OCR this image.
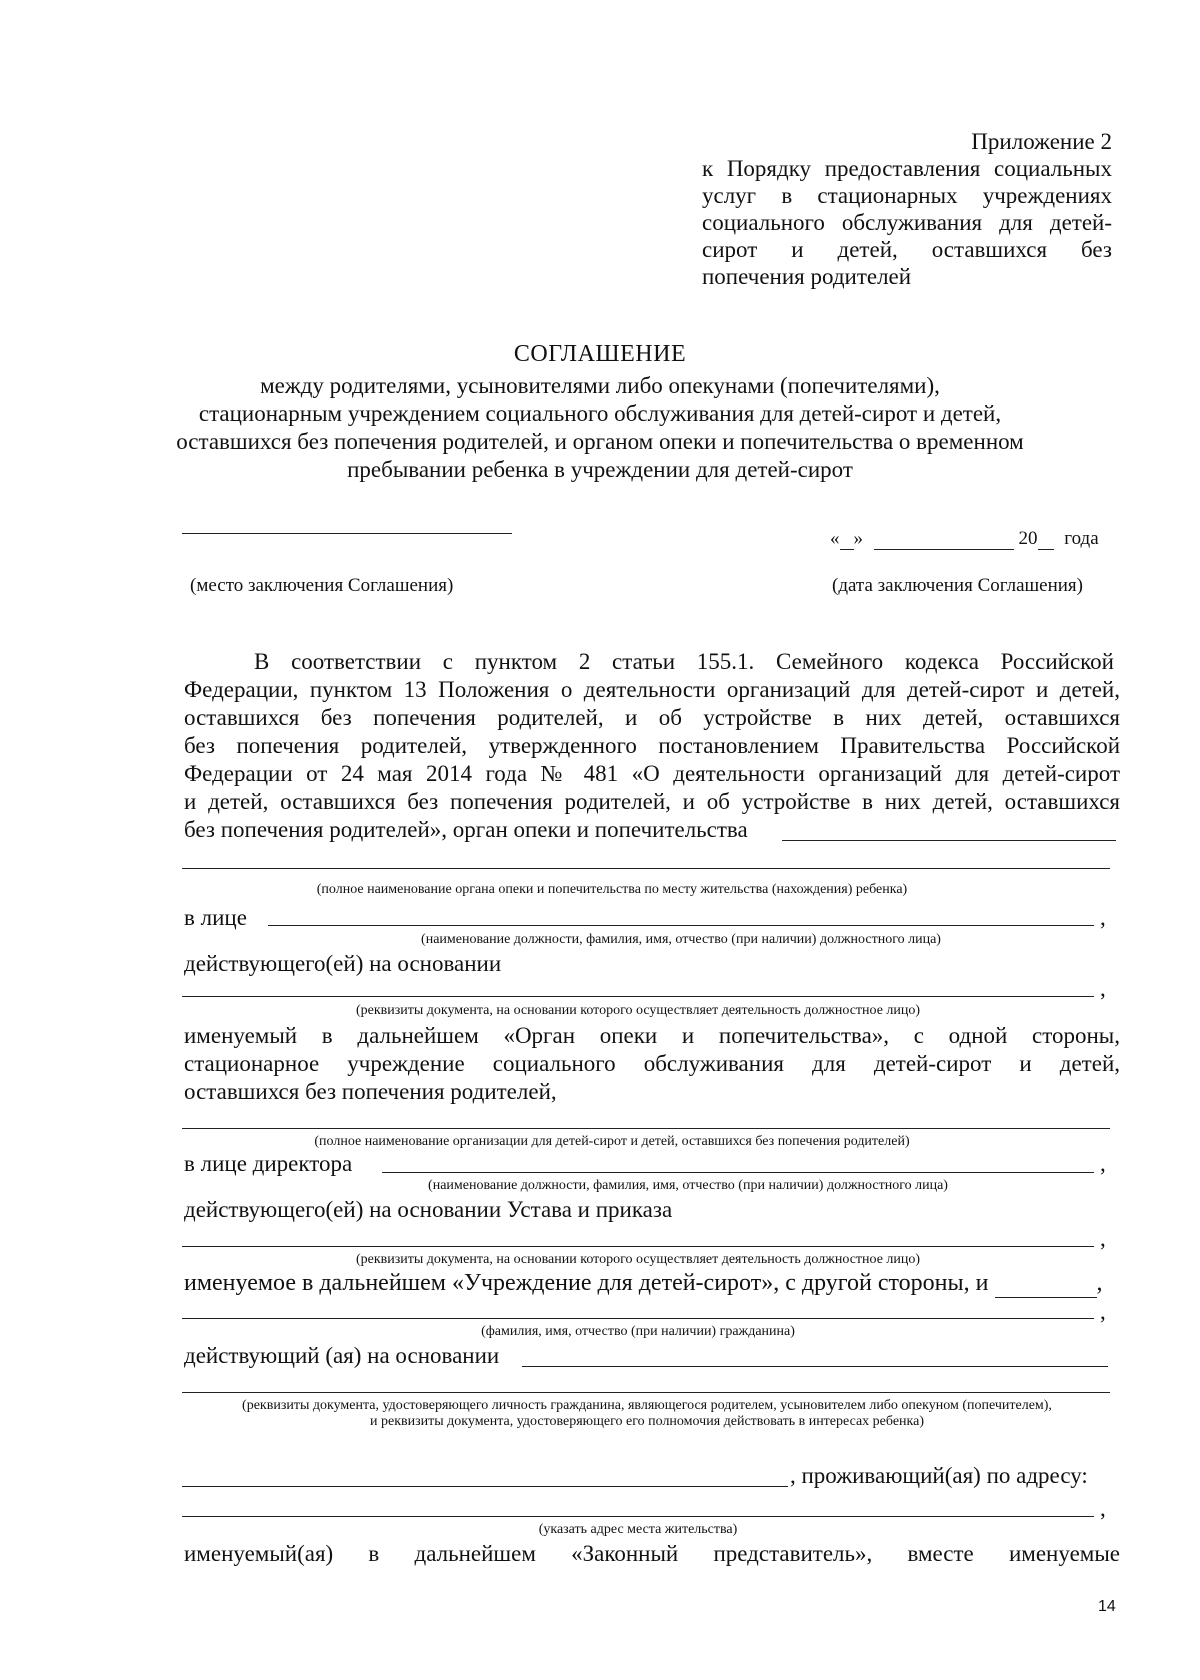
Приложение 2
к Порядку предоставления социальных
услуг в стационарных учреждениях
социального обслуживания для детей-
сирот и детей, оставшихся без
попечения родителей
СОГЛАШЕНИЕ
между родителями, усыновителями либо опекунами (попечителями),
стационарным учреждением социального обслуживания для детей-сирот и детей,
оставшихся без попечения родителей, и органом опеки и попечительства о временном
пребывании ребенка в учреждении для детей-сирот
« »	20 года
(место заключения Соглашения)	(дата заключения Соглашения)
В соответствии с пунктом 2 статьи 155.1. Семейного кодекса Российской
Федерации, пунктом 13 Положения о деятельности организаций для детей-сирот и детей,
оставшихся без попечения родителей, и об устройстве в них детей, оставшихся
без попечения родителей, утвержденного постановлением Правительства Российской
Федерации от 24 мая 2014 года № 481 «О деятельности организаций для детей-сирот
и детей, оставшихся без попечения родителей, и об устройстве в них детей, оставшихся
без попечения родителей», орган опеки и попечительства
(полное наименование органа опеки и попечительства по месту жительства (нахождения) ребенка)
в лице	,
(наименование должности, фамилия, имя, отчество (при наличии) должностного лица)
действующего(ей) на основании
,
(реквизиты документа, на основании которого осуществляет деятельность должностное лицо)
именуемый в дальнейшем «Орган опеки и попечительства», с одной стороны,
стационарное учреждение социального обслуживания для детей-сирот и детей,
оставшихся без попечения родителей,
(полное наименование организации для детей-сирот и детей, оставшихся без попечения родителей)
в лице директора	,
(наименование должности, фамилия, имя, отчество (при наличии) должностного лица)
действующего(ей) на основании Устава и приказа
,
(реквизиты документа, на основании которого осуществляет деятельность должностное лицо)
именуемое в дальнейшем «Учреждение для детей-сирот», с другой стороны, и	,
,
(фамилия, имя, отчество (при наличии) гражданина)
действующий (ая) на основании
(реквизиты документа, удостоверяющего личность гражданина, являющегося родителем, усыновителем либо опекуном (попечителем),
и реквизиты документа, удостоверяющего его полномочия действовать в интересах ребенка)
, проживающий(ая) по адресу:
,
(указать адрес места жительства)
именуемый(ая) в дальнейшем «Законный представитель», вместе именуемые
14
